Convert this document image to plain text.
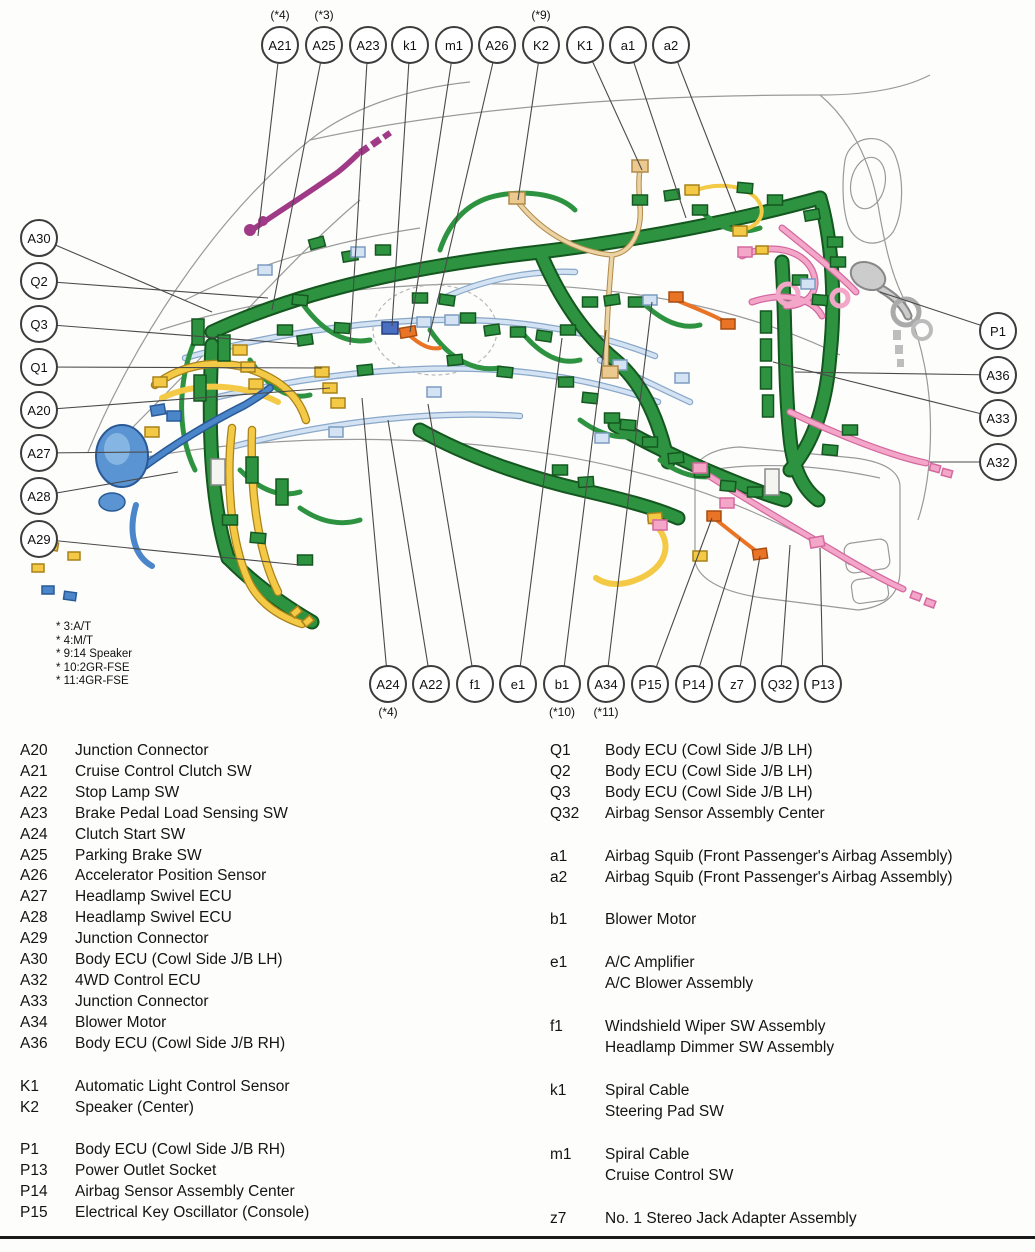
A21
(*4)
A25
(*3)
A23	k1	m1	A26	K2
(*9)
K1	a1	a2
A30
Q2
Q3
Q1
A20
A27
A28
A29
P1
A36
A33
A32
A24
(*4)
A22	f1	e1	b1
(*10)
A34
(*11)
P15	P14	z7	Q32	P13
* 3:A/T
* 4:M/T
* 9:14 Speaker
* 10:2GR-FSE
* 11:4GR-FSE
A20	Junction Connector
A21	Cruise Control Clutch SW
A22	Stop Lamp SW
A23	Brake Pedal Load Sensing SW
A24	Clutch Start SW
A25	Parking Brake SW
A26	Accelerator Position Sensor
A27	Headlamp Swivel ECU
A28	Headlamp Swivel ECU
A29	Junction Connector
A30	Body ECU (Cowl Side J/B LH)
A32	4WD Control ECU
A33	Junction Connector
A34	Blower Motor
A36	Body ECU (Cowl Side J/B RH)
K1	Automatic Light Control Sensor
K2	Speaker (Center)
P1	Body ECU (Cowl Side J/B RH)
P13	Power Outlet Socket
P14	Airbag Sensor Assembly Center
P15	Electrical Key Oscillator (Console)
Q1	Body ECU (Cowl Side J/B LH)
Q2	Body ECU (Cowl Side J/B LH)
Q3	Body ECU (Cowl Side J/B LH)
Q32	Airbag Sensor Assembly Center
a1	Airbag Squib (Front Passenger's Airbag Assembly)
a2	Airbag Squib (Front Passenger's Airbag Assembly)
b1	Blower Motor
e1	A/C Amplifier
A/C Blower Assembly
f1	Windshield Wiper SW Assembly
Headlamp Dimmer SW Assembly
k1	Spiral Cable
Steering Pad SW
m1	Spiral Cable
Cruise Control SW
z7	No. 1 Stereo Jack Adapter Assembly
